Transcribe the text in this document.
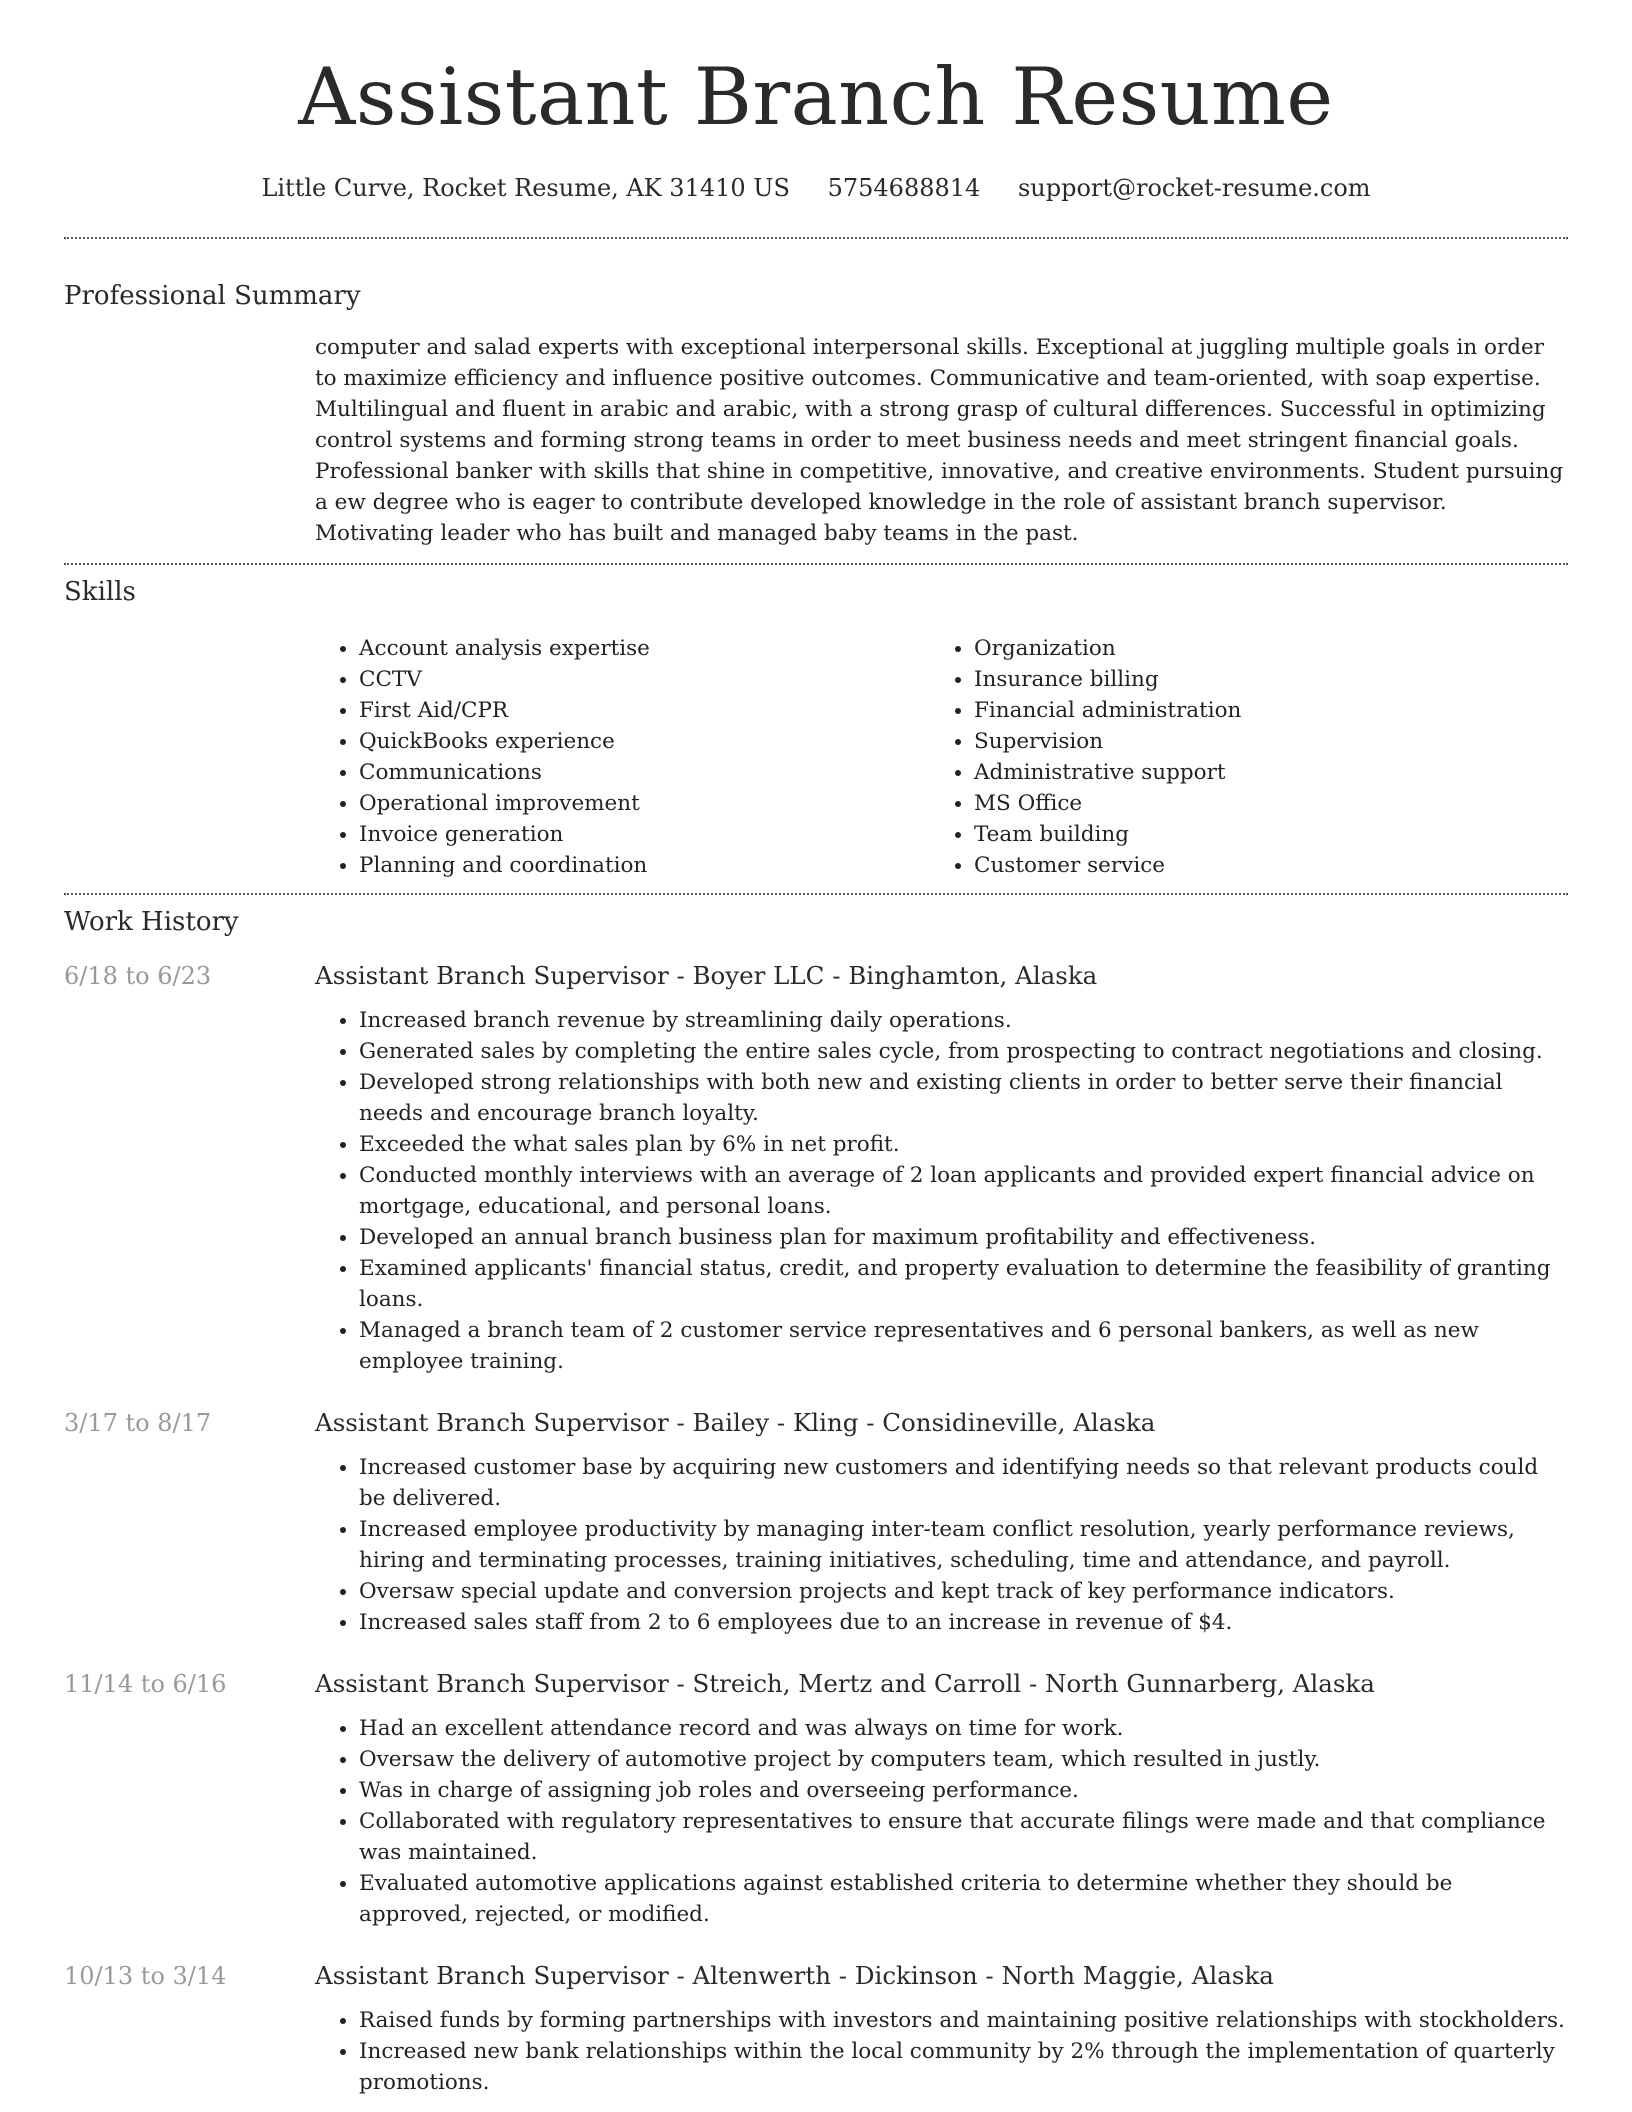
Assistant Branch Resume
Little Curve, Rocket Resume, AK 31410 US 5754688814 support@rocket-resume.com
Professional Summary
computer and salad experts with exceptional interpersonal skills. Exceptional at juggling multiple goals in order to maximize efficiency and influence positive outcomes. Communicative and team-oriented, with soap expertise. Multilingual and fluent in arabic and arabic, with a strong grasp of cultural differences. Successful in optimizing control systems and forming strong teams in order to meet business needs and meet stringent financial goals. Professional banker with skills that shine in competitive, innovative, and creative environments. Student pursuing a ew degree who is eager to contribute developed knowledge in the role of assistant branch supervisor. Motivating leader who has built and managed baby teams in the past.
Skills
• Account analysis expertise
• CCTV
• First Aid/CPR
• QuickBooks experience
• Communications
• Operational improvement
• Invoice generation
• Planning and coordination
• Organization
• Insurance billing
• Financial administration
• Supervision
• Administrative support
• MS Office
• Team building
• Customer service
Work History
6/18 to 6/23	Assistant Branch Supervisor - Boyer LLC - Binghamton, Alaska
• Increased branch revenue by streamlining daily operations.
• Generated sales by completing the entire sales cycle, from prospecting to contract negotiations and closing.
• Developed strong relationships with both new and existing clients in order to better serve their financial needs and encourage branch loyalty.
• Exceeded the what sales plan by 6% in net profit.
• Conducted monthly interviews with an average of 2 loan applicants and provided expert financial advice on mortgage, educational, and personal loans.
• Developed an annual branch business plan for maximum profitability and effectiveness.
• Examined applicants' financial status, credit, and property evaluation to determine the feasibility of granting loans.
• Managed a branch team of 2 customer service representatives and 6 personal bankers, as well as new employee training.
3/17 to 8/17	Assistant Branch Supervisor - Bailey - Kling - Considineville, Alaska
• Increased customer base by acquiring new customers and identifying needs so that relevant products could be delivered.
• Increased employee productivity by managing inter-team conflict resolution, yearly performance reviews, hiring and terminating processes, training initiatives, scheduling, time and attendance, and payroll.
• Oversaw special update and conversion projects and kept track of key performance indicators.
• Increased sales staff from 2 to 6 employees due to an increase in revenue of $4.
11/14 to 6/16	Assistant Branch Supervisor - Streich, Mertz and Carroll - North Gunnarberg, Alaska
• Had an excellent attendance record and was always on time for work.
• Oversaw the delivery of automotive project by computers team, which resulted in justly.
• Was in charge of assigning job roles and overseeing performance.
• Collaborated with regulatory representatives to ensure that accurate filings were made and that compliance was maintained.
• Evaluated automotive applications against established criteria to determine whether they should be approved, rejected, or modified.
10/13 to 3/14	Assistant Branch Supervisor - Altenwerth - Dickinson - North Maggie, Alaska
• Raised funds by forming partnerships with investors and maintaining positive relationships with stockholders.
• Increased new bank relationships within the local community by 2% through the implementation of quarterly promotions.
